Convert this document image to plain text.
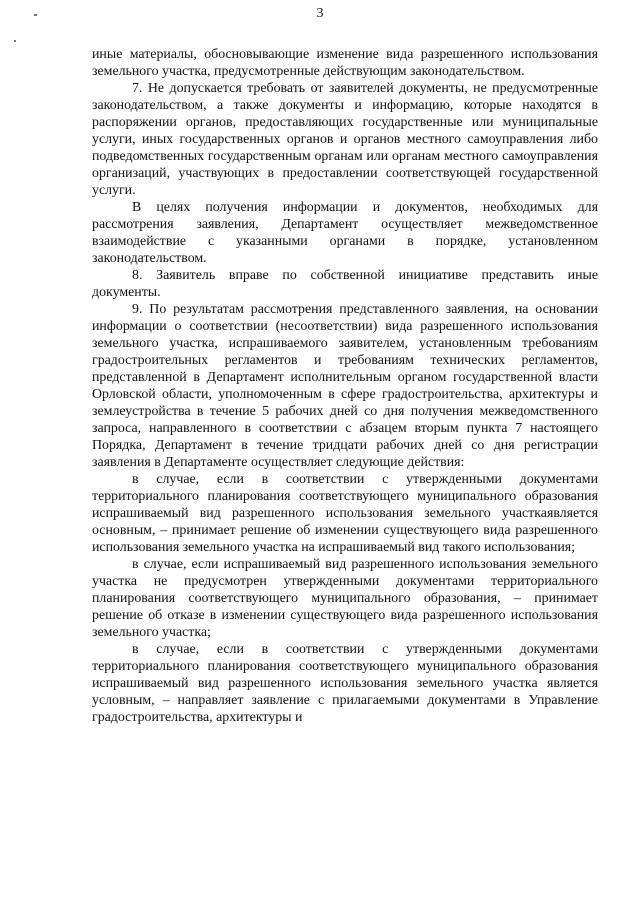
3

иные материалы, обосновывающие изменение вида разрешенного использования земельного участка, предусмотренные действующим законодательством.

7. Не допускается требовать от заявителей документы, не предусмотренные законодательством, а также документы и информацию, которые находятся в распоряжении органов, предоставляющих государственные или муниципальные услуги, иных государственных органов и органов местного самоуправления либо подведомственных государственным органам или органам местного самоуправления организаций, участвующих в предоставлении соответствующей государственной услуги.

В целях получения информации и документов, необходимых для рассмотрения заявления, Департамент осуществляет межведомственное взаимодействие с указанными органами в порядке, установленном законодательством.

8. Заявитель вправе по собственной инициативе представить иные документы.

9. По результатам рассмотрения представленного заявления, на основании информации о соответствии (несоответствии) вида разрешенного использования земельного участка, испрашиваемого заявителем, установленным требованиям градостроительных регламентов и требованиям технических регламентов, представленной в Департамент исполнительным органом государственной власти Орловской области, уполномоченным в сфере градостроительства, архитектуры и землеустройства в течение 5 рабочих дней со дня получения межведомственного запроса, направленного в соответствии с абзацем вторым пункта 7 настоящего Порядка, Департамент в течение тридцати рабочих дней со дня регистрации заявления в Департаменте осуществляет следующие действия:

в случае, если в соответствии с утвержденными документами территориального планирования соответствующего муниципального образования испрашиваемый вид разрешенного использования земельного участкаявляется основным, – принимает решение об изменении существующего вида разрешенного использования земельного участка на испрашиваемый вид такого использования;

в случае, если испрашиваемый вид разрешенного использования земельного участка не предусмотрен утвержденными документами территориального планирования соответствующего муниципального образования, – принимает решение об отказе в изменении существующего вида разрешенного использования земельного участка;

в случае, если в соответствии с утвержденными документами территориального планирования соответствующего муниципального образования испрашиваемый вид разрешенного использования земельного участка является условным, – направляет заявление с прилагаемыми документами в Управление градостроительства, архитектуры и
